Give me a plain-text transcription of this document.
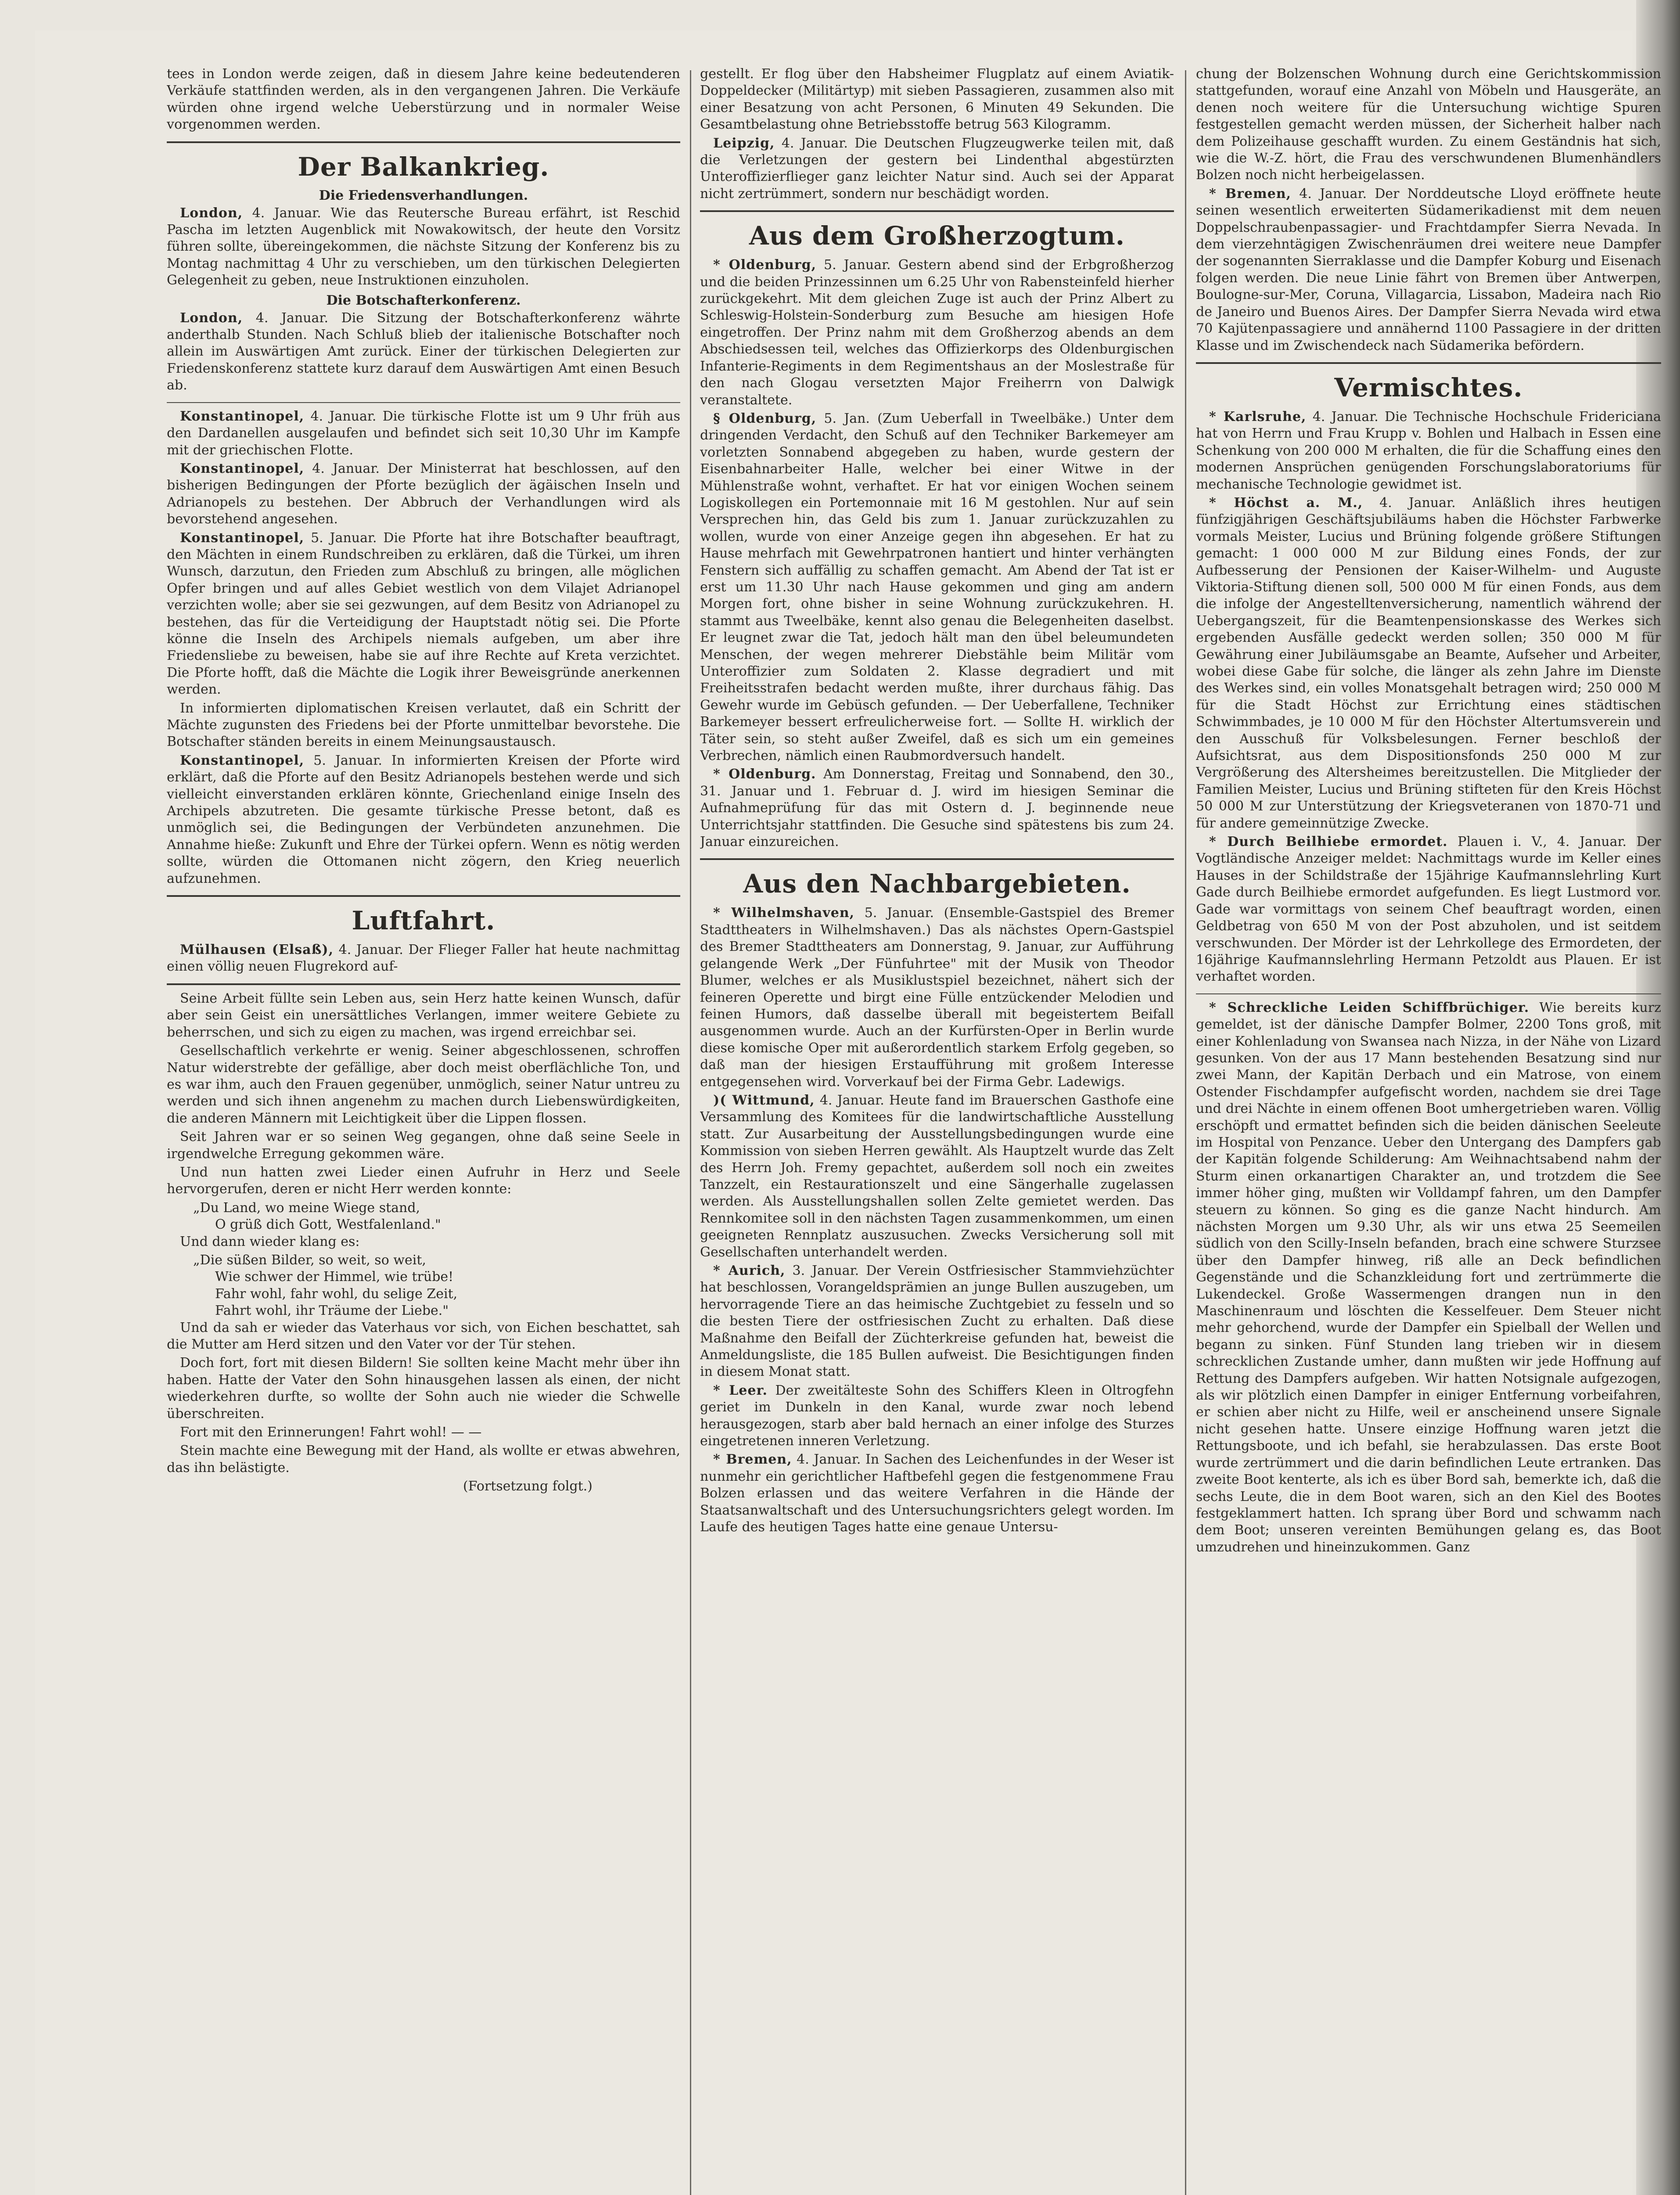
tees in London werde zeigen, daß in diesem Jahre keine bedeutenderen Verkäufe stattfinden werden, als in den vergangenen Jahren. Die Verkäufe würden ohne irgend welche Ueberstürzung und in normaler Weise vorgenommen werden.

Der Balkankrieg.
Die Friedensverhandlungen.

London, 4. Januar. Wie das Reutersche Bureau erfährt, ist Reschid Pascha im letzten Augenblick mit Nowakowitsch, der heute den Vorsitz führen sollte, übereingekommen, die nächste Sitzung der Konferenz bis zu Montag nachmittag 4 Uhr zu verschieben, um den türkischen Delegierten Gelegenheit zu geben, neue Instruktionen einzuholen.

Die Botschafterkonferenz.

London, 4. Januar. Die Sitzung der Botschafterkonferenz währte anderthalb Stunden. Nach Schluß blieb der italienische Botschafter noch allein im Auswärtigen Amt zurück. Einer der türkischen Delegierten zur Friedenskonferenz stattete kurz darauf dem Auswärtigen Amt einen Besuch ab.

Konstantinopel, 4. Januar. Die türkische Flotte ist um 9 Uhr früh aus den Dardanellen ausgelaufen und befindet sich seit 10,30 Uhr im Kampfe mit der griechischen Flotte.

Konstantinopel, 4. Januar. Der Ministerrat hat beschlossen, auf den bisherigen Bedingungen der Pforte bezüglich der ägäischen Inseln und Adrianopels zu bestehen. Der Abbruch der Verhandlungen wird als bevorstehend angesehen.

Konstantinopel, 5. Januar. Die Pforte hat ihre Botschafter beauftragt, den Mächten in einem Rundschreiben zu erklären, daß die Türkei, um ihren Wunsch, darzutun, den Frieden zum Abschluß zu bringen, alle möglichen Opfer bringen und auf alles Gebiet westlich von dem Vilajet Adrianopel verzichten wolle; aber sie sei gezwungen, auf dem Besitz von Adrianopel zu bestehen, das für die Verteidigung der Hauptstadt nötig sei. Die Pforte könne die Inseln des Archipels niemals aufgeben, um aber ihre Friedensliebe zu beweisen, habe sie auf ihre Rechte auf Kreta verzichtet. Die Pforte hofft, daß die Mächte die Logik ihrer Beweisgründe anerkennen werden.

In informierten diplomatischen Kreisen verlautet, daß ein Schritt der Mächte zugunsten des Friedens bei der Pforte unmittelbar bevorstehe. Die Botschafter ständen bereits in einem Meinungsaustausch.

Konstantinopel, 5. Januar. In informierten Kreisen der Pforte wird erklärt, daß die Pforte auf den Besitz Adrianopels bestehen werde und sich vielleicht einverstanden erklären könnte, Griechenland einige Inseln des Archipels abzutreten. Die gesamte türkische Presse betont, daß es unmöglich sei, die Bedingungen der Verbündeten anzunehmen. Die Annahme hieße: Zukunft und Ehre der Türkei opfern. Wenn es nötig werden sollte, würden die Ottomanen nicht zögern, den Krieg neuerlich aufzunehmen.

Luftfahrt.

Mülhausen (Elsaß), 4. Januar. Der Flieger Faller hat heute nachmittag einen völlig neuen Flugrekord auf-

Seine Arbeit füllte sein Leben aus, sein Herz hatte keinen Wunsch, dafür aber sein Geist ein unersättliches Verlangen, immer weitere Gebiete zu beherrschen, und sich zu eigen zu machen, was irgend erreichbar sei.

Gesellschaftlich verkehrte er wenig. Seiner abgeschlossenen, schroffen Natur widerstrebte der gefällige, aber doch meist oberflächliche Ton, und es war ihm, auch den Frauen gegenüber, unmöglich, seiner Natur untreu zu werden und sich ihnen angenehm zu machen durch Liebenswürdigkeiten, die anderen Männern mit Leichtigkeit über die Lippen flossen.

Seit Jahren war er so seinen Weg gegangen, ohne daß seine Seele in irgendwelche Erregung gekommen wäre.

Und nun hatten zwei Lieder einen Aufruhr in Herz und Seele hervorgerufen, deren er nicht Herr werden konnte:

„Du Land, wo meine Wiege stand,

O grüß dich Gott, Westfalenland."

Und dann wieder klang es:

„Die süßen Bilder, so weit, so weit,

Wie schwer der Himmel, wie trübe!

Fahr wohl, fahr wohl, du selige Zeit,

Fahrt wohl, ihr Träume der Liebe."

Und da sah er wieder das Vaterhaus vor sich, von Eichen beschattet, sah die Mutter am Herd sitzen und den Vater vor der Tür stehen.

Doch fort, fort mit diesen Bildern! Sie sollten keine Macht mehr über ihn haben. Hatte der Vater den Sohn hinausgehen lassen als einen, der nicht wiederkehren durfte, so wollte der Sohn auch nie wieder die Schwelle überschreiten.

Fort mit den Erinnerungen! Fahrt wohl! — —

Stein machte eine Bewegung mit der Hand, als wollte er etwas abwehren, das ihn belästigte.

(Fortsetzung folgt.)

gestellt. Er flog über den Habsheimer Flugplatz auf einem Aviatik-Doppeldecker (Militärtyp) mit sieben Passagieren, zusammen also mit einer Besatzung von acht Personen, 6 Minuten 49 Sekunden. Die Gesamtbelastung ohne Betriebsstoffe betrug 563 Kilogramm.

Leipzig, 4. Januar. Die Deutschen Flugzeugwerke teilen mit, daß die Verletzungen der gestern bei Lindenthal abgestürzten Unteroffizierflieger ganz leichter Natur sind. Auch sei der Apparat nicht zertrümmert, sondern nur beschädigt worden.

Aus dem Großherzogtum.

* Oldenburg, 5. Januar. Gestern abend sind der Erbgroßherzog und die beiden Prinzessinnen um 6.25 Uhr von Rabensteinfeld hierher zurückgekehrt. Mit dem gleichen Zuge ist auch der Prinz Albert zu Schleswig-Holstein-Sonderburg zum Besuche am hiesigen Hofe eingetroffen. Der Prinz nahm mit dem Großherzog abends an dem Abschiedsessen teil, welches das Offizierkorps des Oldenburgischen Infanterie-Regiments in dem Regimentshaus an der Moslestraße für den nach Glogau versetzten Major Freiherrn von Dalwigk veranstaltete.

§ Oldenburg, 5. Jan. (Zum Ueberfall in Tweelbäke.) Unter dem dringenden Verdacht, den Schuß auf den Techniker Barkemeyer am vorletzten Sonnabend abgegeben zu haben, wurde gestern der Eisenbahnarbeiter Halle, welcher bei einer Witwe in der Mühlenstraße wohnt, verhaftet. Er hat vor einigen Wochen seinem Logiskollegen ein Portemonnaie mit 16 M gestohlen. Nur auf sein Versprechen hin, das Geld bis zum 1. Januar zurückzuzahlen zu wollen, wurde von einer Anzeige gegen ihn abgesehen. Er hat zu Hause mehrfach mit Gewehrpatronen hantiert und hinter verhängten Fenstern sich auffällig zu schaffen gemacht. Am Abend der Tat ist er erst um 11.30 Uhr nach Hause gekommen und ging am andern Morgen fort, ohne bisher in seine Wohnung zurückzukehren. H. stammt aus Tweelbäke, kennt also genau die Belegenheiten daselbst. Er leugnet zwar die Tat, jedoch hält man den übel beleumundeten Menschen, der wegen mehrerer Diebstähle beim Militär vom Unteroffizier zum Soldaten 2. Klasse degradiert und mit Freiheitsstrafen bedacht werden mußte, ihrer durchaus fähig. Das Gewehr wurde im Gebüsch gefunden. — Der Ueberfallene, Techniker Barkemeyer bessert erfreulicherweise fort. — Sollte H. wirklich der Täter sein, so steht außer Zweifel, daß es sich um ein gemeines Verbrechen, nämlich einen Raubmordversuch handelt.

* Oldenburg. Am Donnerstag, Freitag und Sonnabend, den 30., 31. Januar und 1. Februar d. J. wird im hiesigen Seminar die Aufnahmeprüfung für das mit Ostern d. J. beginnende neue Unterrichtsjahr stattfinden. Die Gesuche sind spätestens bis zum 24. Januar einzureichen.

Aus den Nachbargebieten.

* Wilhelmshaven, 5. Januar. (Ensemble-Gastspiel des Bremer Stadttheaters in Wilhelmshaven.) Das als nächstes Opern-Gastspiel des Bremer Stadttheaters am Donnerstag, 9. Januar, zur Aufführung gelangende Werk „Der Fünfuhrtee" mit der Musik von Theodor Blumer, welches er als Musiklustspiel bezeichnet, nähert sich der feineren Operette und birgt eine Fülle entzückender Melodien und feinen Humors, daß dasselbe überall mit begeistertem Beifall ausgenommen wurde. Auch an der Kurfürsten-Oper in Berlin wurde diese komische Oper mit außerordentlich starkem Erfolg gegeben, so daß man der hiesigen Erstaufführung mit großem Interesse entgegensehen wird. Vorverkauf bei der Firma Gebr. Ladewigs.

)( Wittmund, 4. Januar. Heute fand im Brauerschen Gasthofe eine Versammlung des Komitees für die landwirtschaftliche Ausstellung statt. Zur Ausarbeitung der Ausstellungsbedingungen wurde eine Kommission von sieben Herren gewählt. Als Hauptzelt wurde das Zelt des Herrn Joh. Fremy gepachtet, außerdem soll noch ein zweites Tanzzelt, ein Restaurationszelt und eine Sängerhalle zugelassen werden. Als Ausstellungshallen sollen Zelte gemietet werden. Das Rennkomitee soll in den nächsten Tagen zusammenkommen, um einen geeigneten Rennplatz auszusuchen. Zwecks Versicherung soll mit Gesellschaften unterhandelt werden.

* Aurich, 3. Januar. Der Verein Ostfriesischer Stammviehzüchter hat beschlossen, Vorangeldsprämien an junge Bullen auszugeben, um hervorragende Tiere an das heimische Zuchtgebiet zu fesseln und so die besten Tiere der ostfriesischen Zucht zu erhalten. Daß diese Maßnahme den Beifall der Züchterkreise gefunden hat, beweist die Anmeldungsliste, die 185 Bullen aufweist. Die Besichtigungen finden in diesem Monat statt.

* Leer. Der zweitälteste Sohn des Schiffers Kleen in Oltrogfehn geriet im Dunkeln in den Kanal, wurde zwar noch lebend herausgezogen, starb aber bald hernach an einer infolge des Sturzes eingetretenen inneren Verletzung.

* Bremen, 4. Januar. In Sachen des Leichenfundes in der Weser ist nunmehr ein gerichtlicher Haftbefehl gegen die festgenommene Frau Bolzen erlassen und das weitere Verfahren in die Hände der Staatsanwaltschaft und des Untersuchungsrichters gelegt worden. Im Laufe des heutigen Tages hatte eine genaue Untersu-

chung der Bolzenschen Wohnung durch eine Gerichtskommission stattgefunden, worauf eine Anzahl von Möbeln und Hausgeräte, an denen noch weitere für die Untersuchung wichtige Spuren festgestellen gemacht werden müssen, der Sicherheit halber nach dem Polizeihause geschafft wurden. Zu einem Geständnis hat sich, wie die W.-Z. hört, die Frau des verschwundenen Blumenhändlers Bolzen noch nicht herbeigelassen.

* Bremen, 4. Januar. Der Norddeutsche Lloyd eröffnete heute seinen wesentlich erweiterten Südamerikadienst mit dem neuen Doppelschraubenpassagier- und Frachtdampfer Sierra Nevada. In dem vierzehntägigen Zwischenräumen drei weitere neue Dampfer der sogenannten Sierraklasse und die Dampfer Koburg und Eisenach folgen werden. Die neue Linie fährt von Bremen über Antwerpen, Boulogne-sur-Mer, Coruna, Villagarcia, Lissabon, Madeira nach Rio de Janeiro und Buenos Aires. Der Dampfer Sierra Nevada wird etwa 70 Kajütenpassagiere und annähernd 1100 Passagiere in der dritten Klasse und im Zwischendeck nach Südamerika befördern.

Vermischtes.

* Karlsruhe, 4. Januar. Die Technische Hochschule Fridericiana hat von Herrn und Frau Krupp v. Bohlen und Halbach in Essen eine Schenkung von 200 000 M erhalten, die für die Schaffung eines den modernen Ansprüchen genügenden Forschungslaboratoriums für mechanische Technologie gewidmet ist.

* Höchst a. M., 4. Januar. Anläßlich ihres heutigen fünfzigjährigen Geschäftsjubiläums haben die Höchster Farbwerke vormals Meister, Lucius und Brüning folgende größere Stiftungen gemacht: 1 000 000 M zur Bildung eines Fonds, der zur Aufbesserung der Pensionen der Kaiser-Wilhelm- und Auguste Viktoria-Stiftung dienen soll, 500 000 M für einen Fonds, aus dem die infolge der Angestelltenversicherung, namentlich während der Uebergangszeit, für die Beamtenpensionskasse des Werkes sich ergebenden Ausfälle gedeckt werden sollen; 350 000 M für Gewährung einer Jubiläumsgabe an Beamte, Aufseher und Arbeiter, wobei diese Gabe für solche, die länger als zehn Jahre im Dienste des Werkes sind, ein volles Monatsgehalt betragen wird; 250 000 M für die Stadt Höchst zur Errichtung eines städtischen Schwimmbades, je 10 000 M für den Höchster Altertumsverein und den Ausschuß für Volksbelesungen. Ferner beschloß der Aufsichtsrat, aus dem Dispositionsfonds 250 000 M zur Vergrößerung des Altersheimes bereitzustellen. Die Mitglieder der Familien Meister, Lucius und Brüning stifteten für den Kreis Höchst 50 000 M zur Unterstützung der Kriegsveteranen von 1870-71 und für andere gemeinnützige Zwecke.

* Durch Beilhiebe ermordet. Plauen i. V., 4. Januar. Der Vogtländische Anzeiger meldet: Nachmittags wurde im Keller eines Hauses in der Schildstraße der 15jährige Kaufmannslehrling Kurt Gade durch Beilhiebe ermordet aufgefunden. Es liegt Lustmord vor. Gade war vormittags von seinem Chef beauftragt worden, einen Geldbetrag von 650 M von der Post abzuholen, und ist seitdem verschwunden. Der Mörder ist der Lehrkollege des Ermordeten, der 16jährige Kaufmannslehrling Hermann Petzoldt aus Plauen. Er ist verhaftet worden.

* Schreckliche Leiden Schiffbrüchiger. Wie bereits kurz gemeldet, ist der dänische Dampfer Bolmer, 2200 Tons groß, mit einer Kohlenladung von Swansea nach Nizza, in der Nähe von Lizard gesunken. Von der aus 17 Mann bestehenden Besatzung sind nur zwei Mann, der Kapitän Derbach und ein Matrose, von einem Ostender Fischdampfer aufgefischt worden, nachdem sie drei Tage und drei Nächte in einem offenen Boot umhergetrieben waren. Völlig erschöpft und ermattet befinden sich die beiden dänischen Seeleute im Hospital von Penzance. Ueber den Untergang des Dampfers gab der Kapitän folgende Schilderung: Am Weihnachtsabend nahm der Sturm einen orkanartigen Charakter an, und trotzdem die See immer höher ging, mußten wir Volldampf fahren, um den Dampfer steuern zu können. So ging es die ganze Nacht hindurch. Am nächsten Morgen um 9.30 Uhr, als wir uns etwa 25 Seemeilen südlich von den Scilly-Inseln befanden, brach eine schwere Sturzsee über den Dampfer hinweg, riß alle an Deck befindlichen Gegenstände und die Schanzkleidung fort und zertrümmerte die Lukendeckel. Große Wassermengen drangen nun in den Maschinenraum und löschten die Kesselfeuer. Dem Steuer nicht mehr gehorchend, wurde der Dampfer ein Spielball der Wellen und begann zu sinken. Fünf Stunden lang trieben wir in diesem schrecklichen Zustande umher, dann mußten wir jede Hoffnung auf Rettung des Dampfers aufgeben. Wir hatten Notsignale aufgezogen, als wir plötzlich einen Dampfer in einiger Entfernung vorbeifahren, er schien aber nicht zu Hilfe, weil er anscheinend unsere Signale nicht gesehen hatte. Unsere einzige Hoffnung waren jetzt die Rettungsboote, und ich befahl, sie herabzulassen. Das erste Boot wurde zertrümmert und die darin befindlichen Leute ertranken. Das zweite Boot kenterte, als ich es über Bord sah, bemerkte ich, daß die sechs Leute, die in dem Boot waren, sich an den Kiel des Bootes festgeklammert hatten. Ich sprang über Bord und schwamm nach dem Boot; unseren vereinten Bemühungen gelang es, das Boot umzudrehen und hineinzukommen. Ganz
